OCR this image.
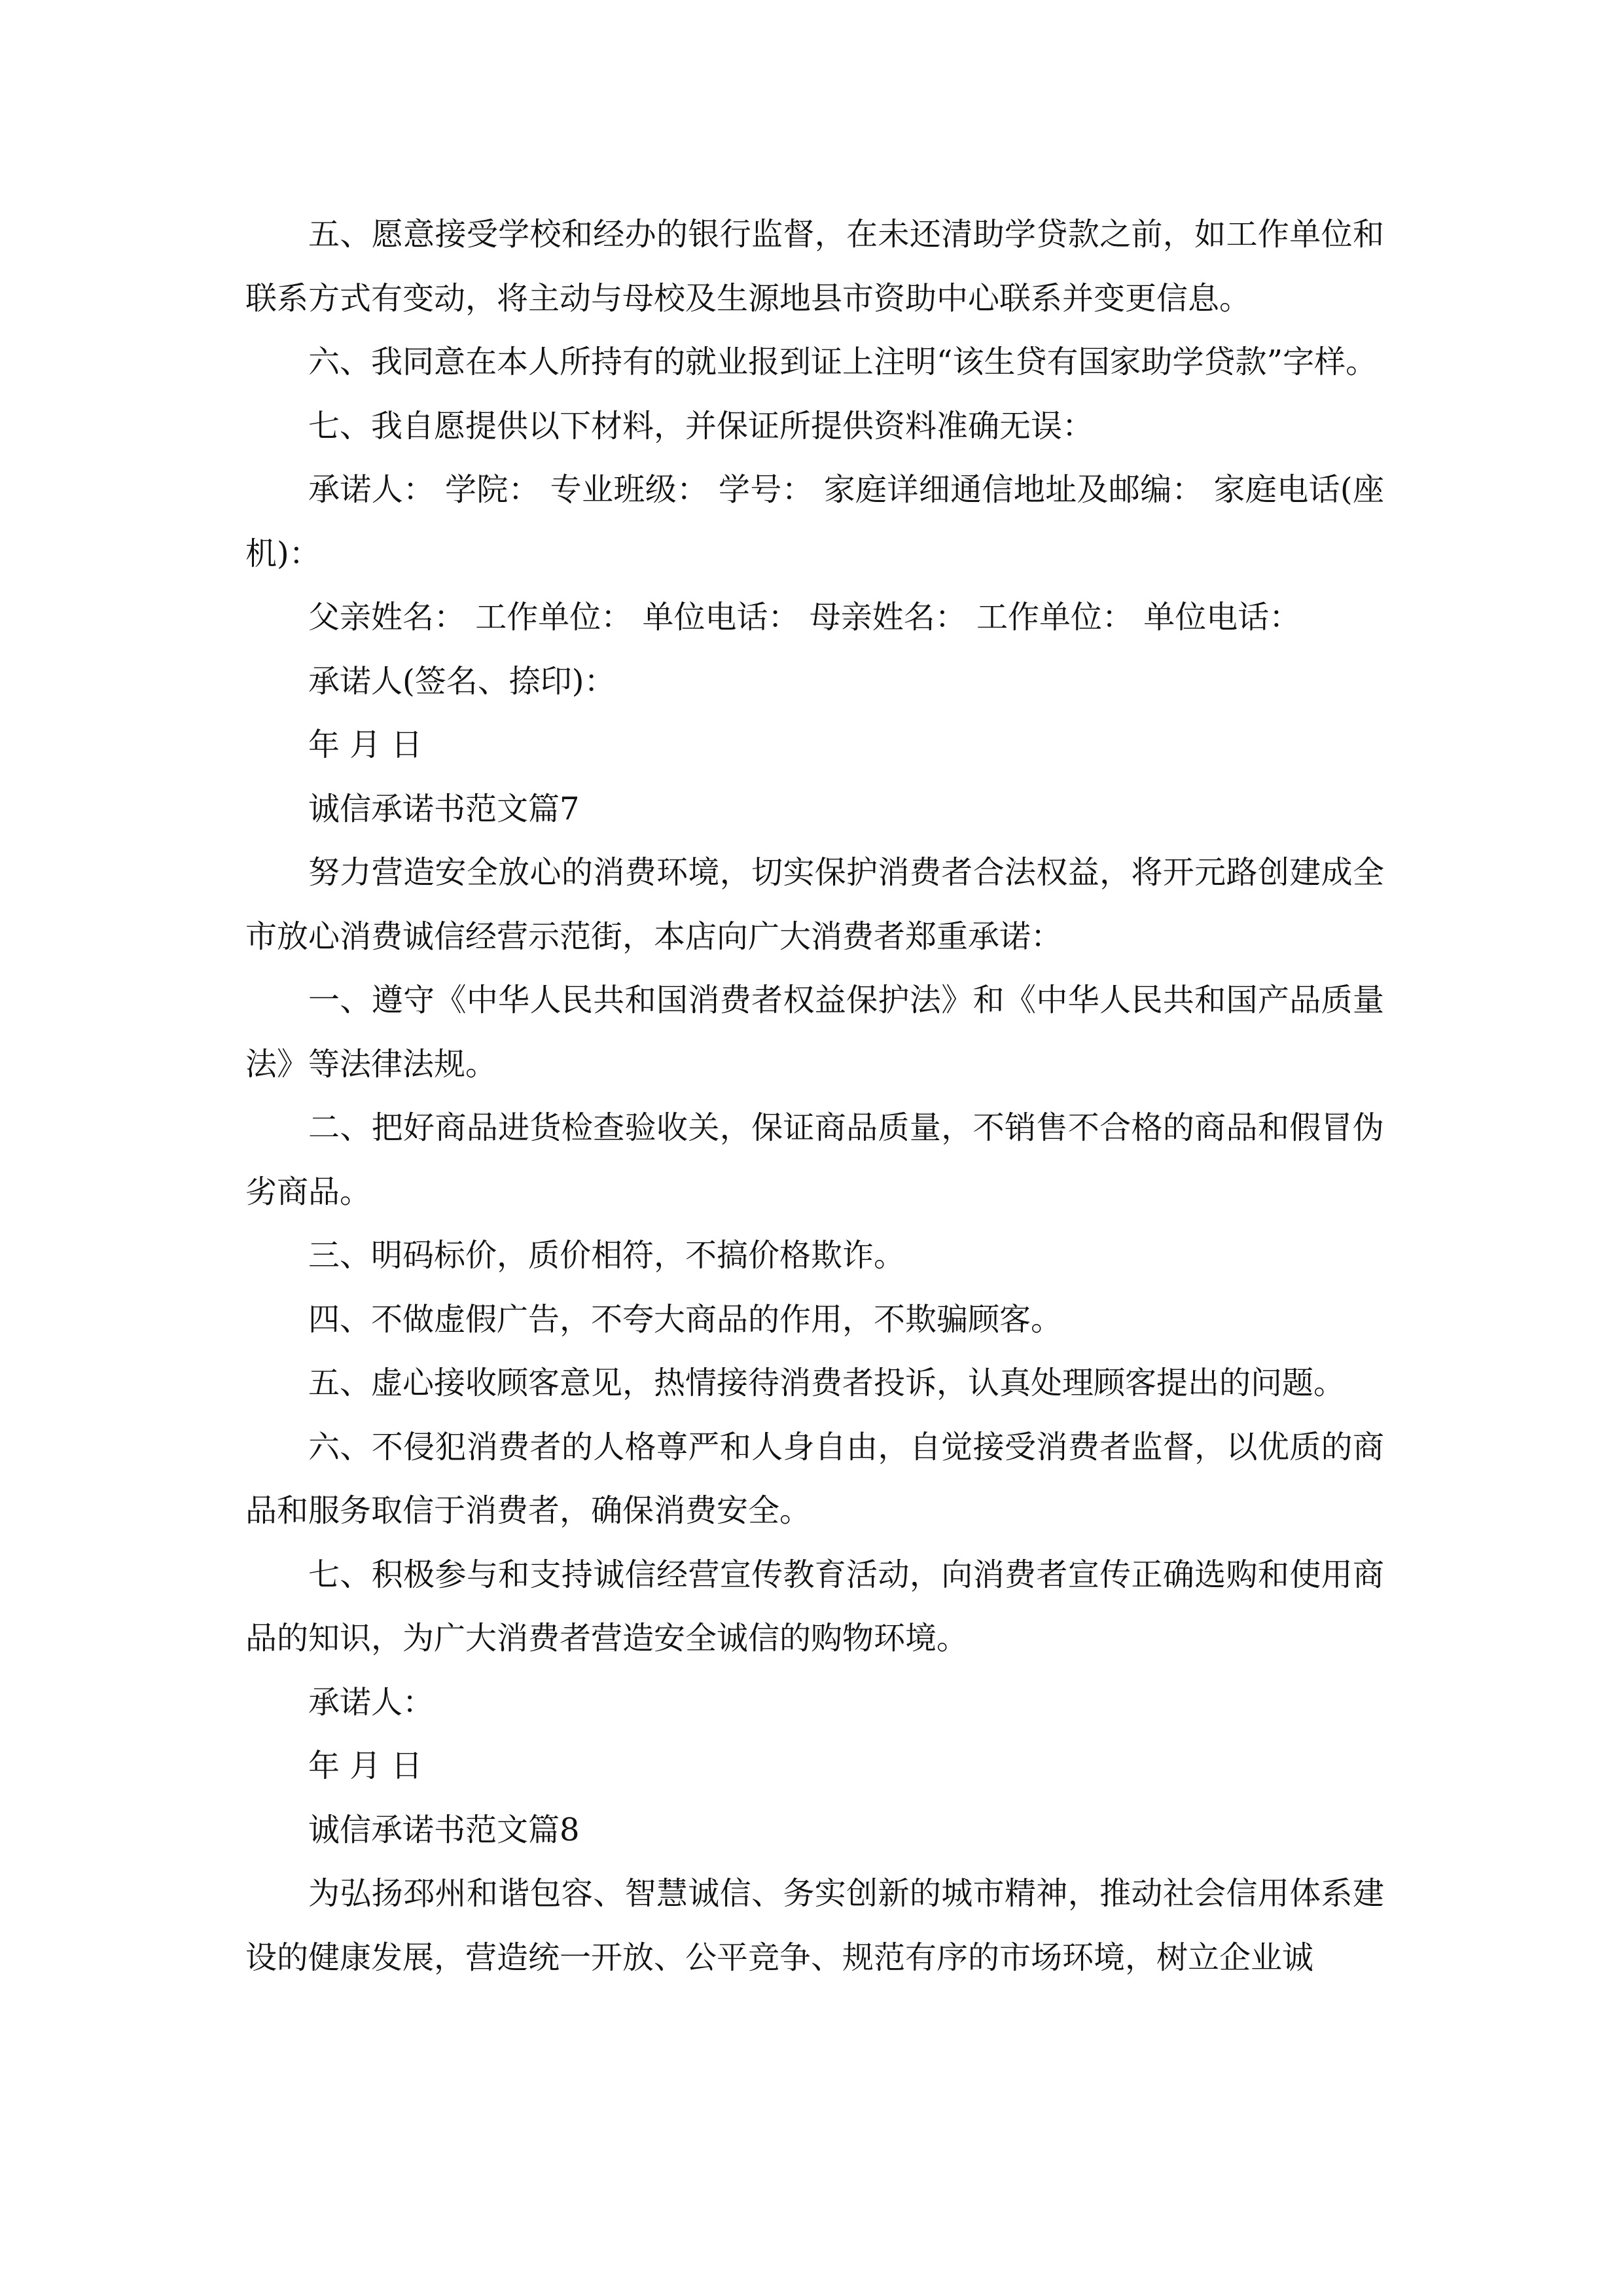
五、愿意接受学校和经办的银行监督，在未还清助学贷款之前，如工作单位和联系方式有变动，将主动与母校及生源地县市资助中心联系并变更信息。

六、我同意在本人所持有的就业报到证上注明“该生贷有国家助学贷款”字样。

七、我自愿提供以下材料，并保证所提供资料准确无误：

承诺人： 学院： 专业班级： 学号： 家庭详细通信地址及邮编： 家庭电话(座机)：

父亲姓名： 工作单位： 单位电话： 母亲姓名： 工作单位： 单位电话：

承诺人(签名、捺印)：

年 月 日

诚信承诺书范文篇7

努力营造安全放心的消费环境，切实保护消费者合法权益，将开元路创建成全市放心消费诚信经营示范街，本店向广大消费者郑重承诺：

一、遵守《中华人民共和国消费者权益保护法》和《中华人民共和国产品质量法》等法律法规。

二、把好商品进货检查验收关，保证商品质量，不销售不合格的商品和假冒伪劣商品。

三、明码标价，质价相符，不搞价格欺诈。

四、不做虚假广告，不夸大商品的作用，不欺骗顾客。

五、虚心接收顾客意见，热情接待消费者投诉，认真处理顾客提出的问题。

六、不侵犯消费者的人格尊严和人身自由，自觉接受消费者监督，以优质的商品和服务取信于消费者，确保消费安全。

七、积极参与和支持诚信经营宣传教育活动，向消费者宣传正确选购和使用商品的知识，为广大消费者营造安全诚信的购物环境。

承诺人：

年 月 日

诚信承诺书范文篇8

为弘扬邳州和谐包容、智慧诚信、务实创新的城市精神，推动社会信用体系建设的健康发展，营造统一开放、公平竞争、规范有序的市场环境，树立企业诚
